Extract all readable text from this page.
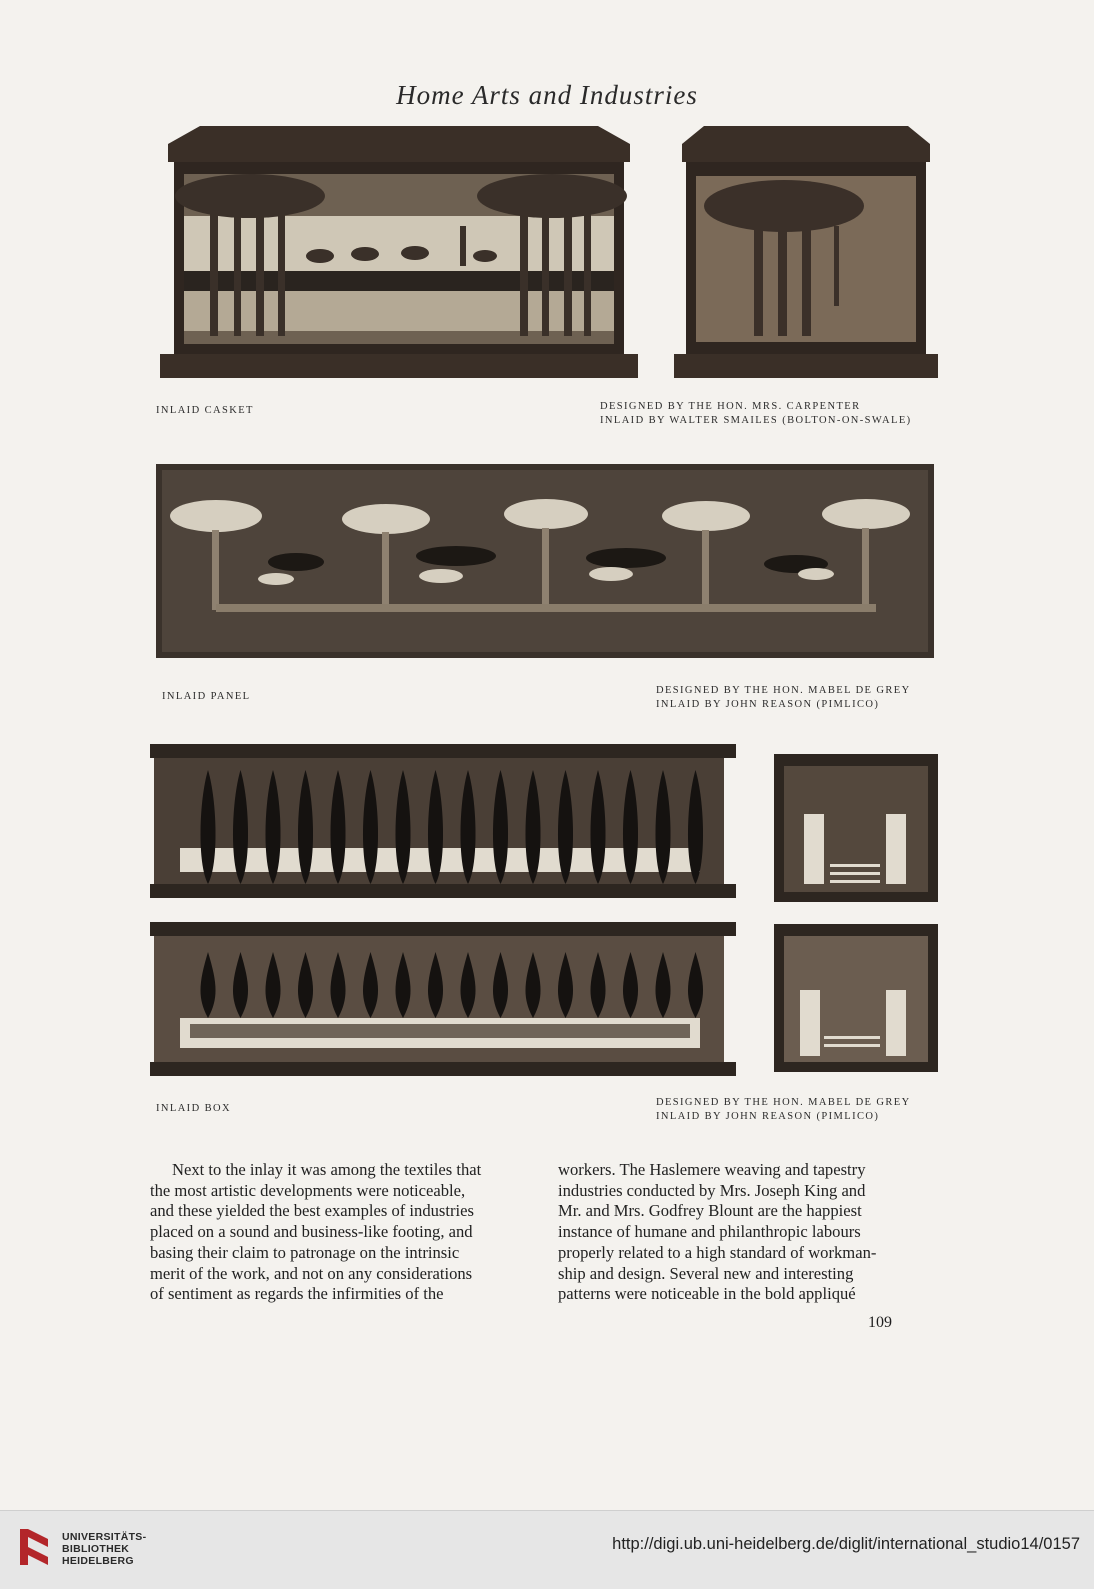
Home Arts and Industries
INLAID CASKET	DESIGNED BY THE HON. MRS. CARPENTER
INLAID BY WALTER SMAILES (BOLTON-ON-SWALE)
INLAID PANEL
DESIGNED BY THE HON. MABEL DE GREY
INLAID BY JOHN REASON (PIMLICO)
INLAID BOX
DESIGNED BY THE HON. MABEL DE GREY
INLAID BY JOHN REASON (PIMLICO)

Next to the inlay it was among the textiles that

the most artistic developments were noticeable,

and these yielded the best examples of industries

placed on a sound and business-like footing, and

basing their claim to patronage on the intrinsic

merit of the work, and not on any considerations

of sentiment as regards the infirmities of the

workers. The Haslemere weaving and tapestry

industries conducted by Mrs. Joseph King and

Mr. and Mrs. Godfrey Blount are the happiest

instance of humane and philanthropic labours

properly related to a high standard of workman-

ship and design. Several new and interesting

patterns were noticeable in the bold appliqué

109
UNIVERSITÄTS-
BIBLIOTHEK
HEIDELBERG
http://digi.ub.uni-heidelberg.de/diglit/international_studio14/0157
